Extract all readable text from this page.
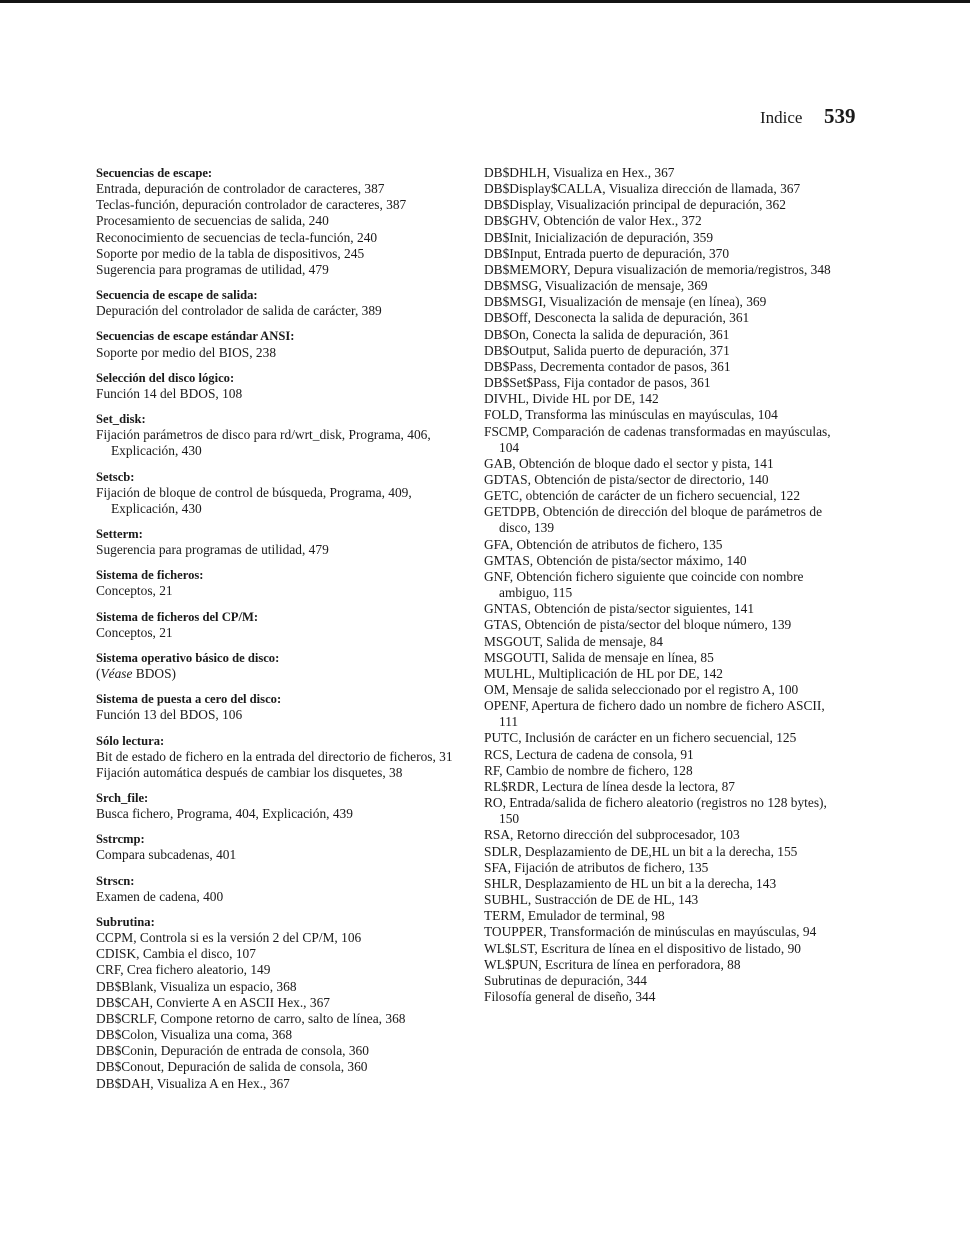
Indice 539
Secuencias de escape:
Entrada, depuración de controlador de caracteres, 387
Teclas-función, depuración controlador de caracteres, 387
Procesamiento de secuencias de salida, 240
Reconocimiento de secuencias de tecla-función, 240
Soporte por medio de la tabla de dispositivos, 245
Sugerencia para programas de utilidad, 479
Secuencia de escape de salida:
Depuración del controlador de salida de carácter, 389
Secuencias de escape estándar ANSI:
Soporte por medio del BIOS, 238
Selección del disco lógico:
Función 14 del BDOS, 108
Set_disk:
Fijación parámetros de disco para rd/wrt_disk, Programa, 406, Explicación, 430
Setscb:
Fijación de bloque de control de búsqueda, Programa, 409, Explicación, 430
Setterm:
Sugerencia para programas de utilidad, 479
Sistema de ficheros:
Conceptos, 21
Sistema de ficheros del CP/M:
Conceptos, 21
Sistema operativo básico de disco:
(Véase BDOS)
Sistema de puesta a cero del disco:
Función 13 del BDOS, 106
Sólo lectura:
Bit de estado de fichero en la entrada del directorio de ficheros, 31
Fijación automática después de cambiar los disquetes, 38
Srch_file:
Busca fichero, Programa, 404, Explicación, 439
Sstrcmp:
Compara subcadenas, 401
Strscn:
Examen de cadena, 400
Subrutina:
CCPM, Controla si es la versión 2 del CP/M, 106
CDISK, Cambia el disco, 107
CRF, Crea fichero aleatorio, 149
DB$Blank, Visualiza un espacio, 368
DB$CAH, Convierte A en ASCII Hex., 367
DB$CRLF, Compone retorno de carro, salto de línea, 368
DB$Colon, Visualiza una coma, 368
DB$Conin, Depuración de entrada de consola, 360
DB$Conout, Depuración de salida de consola, 360
DB$DAH, Visualiza A en Hex., 367
DB$DHLH, Visualiza en Hex., 367
DB$Display$CALLA, Visualiza dirección de llamada, 367
DB$Display, Visualización principal de depuración, 362
DB$GHV, Obtención de valor Hex., 372
DB$Init, Inicialización de depuración, 359
DB$Input, Entrada puerto de depuración, 370
DB$MEMORY, Depura visualización de memoria/registros, 348
DB$MSG, Visualización de mensaje, 369
DB$MSGI, Visualización de mensaje (en línea), 369
DB$Off, Desconecta la salida de depuración, 361
DB$On, Conecta la salida de depuración, 361
DB$Output, Salida puerto de depuración, 371
DB$Pass, Decrementa contador de pasos, 361
DB$Set$Pass, Fija contador de pasos, 361
DIVHL, Divide HL por DE, 142
FOLD, Transforma las minúsculas en mayúsculas, 104
FSCMP, Comparación de cadenas transformadas en mayúsculas, 104
GAB, Obtención de bloque dado el sector y pista, 141
GDTAS, Obtención de pista/sector de directorio, 140
GETC, obtención de carácter de un fichero secuencial, 122
GETDPB, Obtención de dirección del bloque de parámetros de disco, 139
GFA, Obtención de atributos de fichero, 135
GMTAS, Obtención de pista/sector máximo, 140
GNF, Obtención fichero siguiente que coincide con nombre ambiguo, 115
GNTAS, Obtención de pista/sector siguientes, 141
GTAS, Obtención de pista/sector del bloque número, 139
MSGOUT, Salida de mensaje, 84
MSGOUTI, Salida de mensaje en línea, 85
MULHL, Multiplicación de HL por DE, 142
OM, Mensaje de salida seleccionado por el registro A, 100
OPENF, Apertura de fichero dado un nombre de fichero ASCII, 111
PUTC, Inclusión de carácter en un fichero secuencial, 125
RCS, Lectura de cadena de consola, 91
RF, Cambio de nombre de fichero, 128
RL$RDR, Lectura de línea desde la lectora, 87
RO, Entrada/salida de fichero aleatorio (registros no 128 bytes), 150
RSA, Retorno dirección del subprocesador, 103
SDLR, Desplazamiento de DE,HL un bit a la derecha, 155
SFA, Fijación de atributos de fichero, 135
SHLR, Desplazamiento de HL un bit a la derecha, 143
SUBHL, Sustracción de DE de HL, 143
TERM, Emulador de terminal, 98
TOUPPER, Transformación de minúsculas en mayúsculas, 94
WL$LST, Escritura de línea en el dispositivo de listado, 90
WL$PUN, Escritura de línea en perforadora, 88
Subrutinas de depuración, 344
Filosofía general de diseño, 344
